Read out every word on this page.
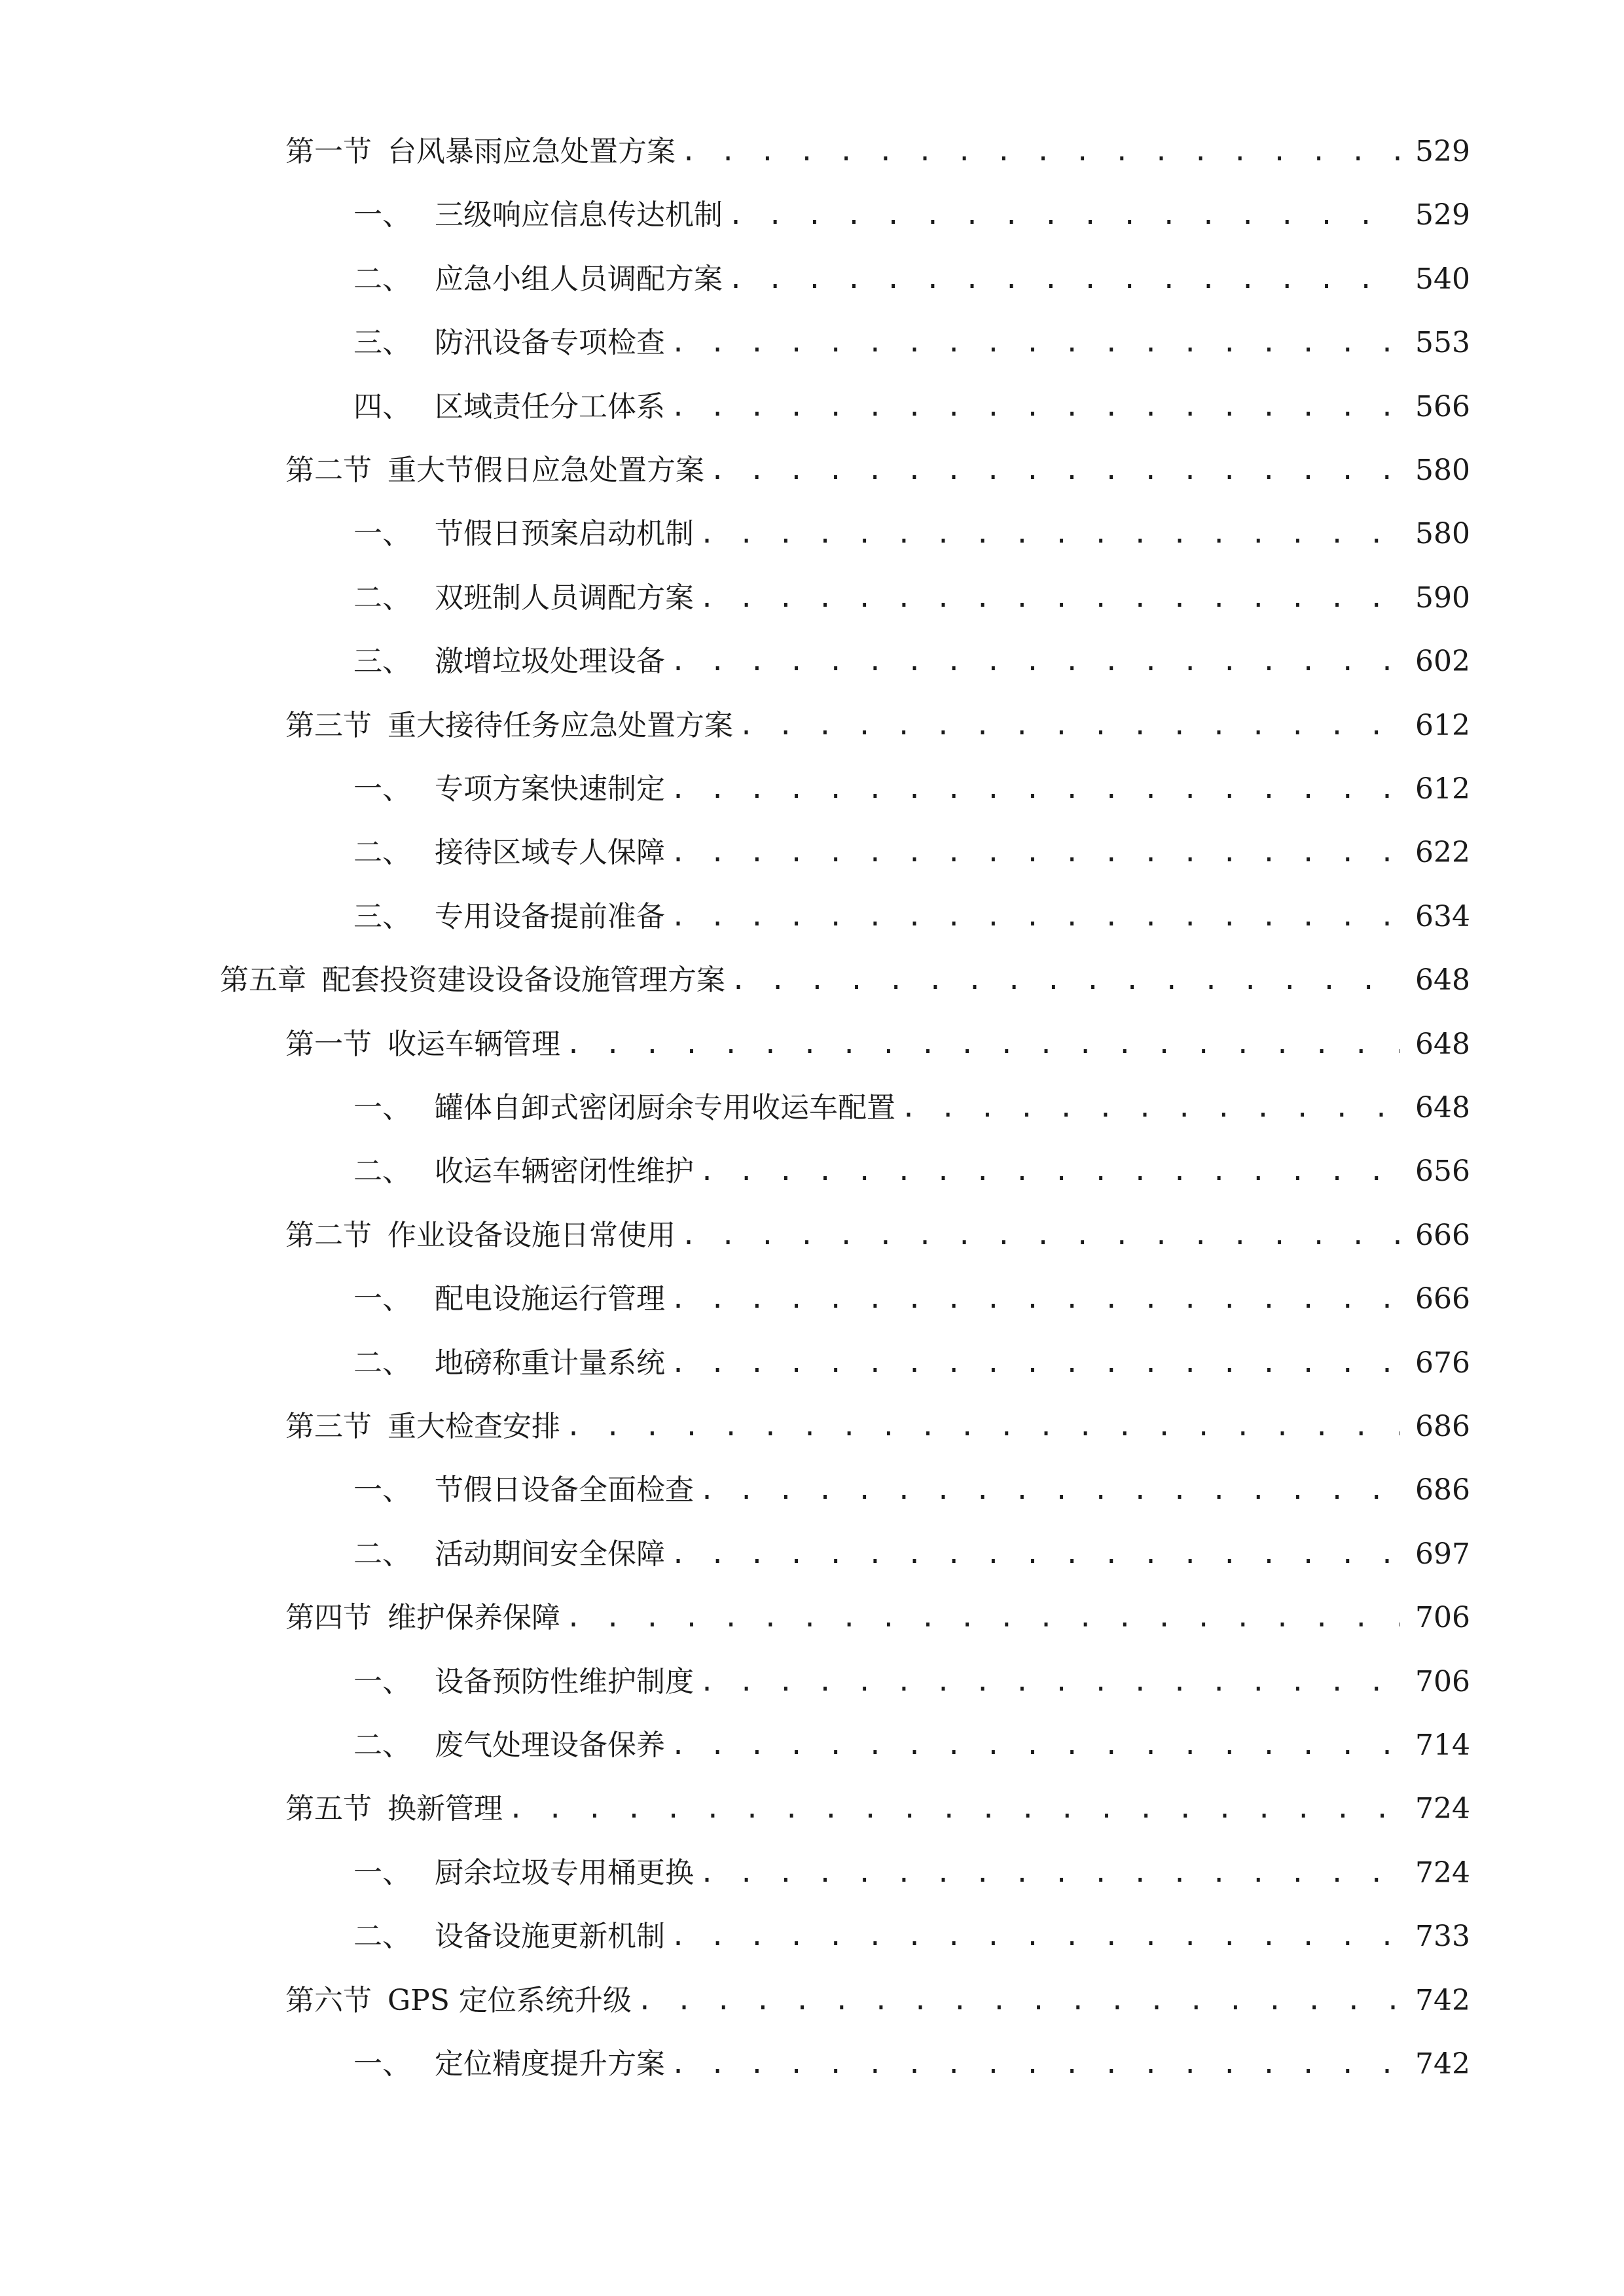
第一节 台风暴雨应急处置方案 . . .	529
一、 三级响应信息传达机制 . . .	529
二、 应急小组人员调配方案 . . .	540
三、 防汛设备专项检查 . . .	553
四、 区域责任分工体系 . . .	566
第二节 重大节假日应急处置方案 . . .	580
一、 节假日预案启动机制 . . .	580
二、 双班制人员调配方案 . . .	590
三、 激增垃圾处理设备 . . .	602
第三节 重大接待任务应急处置方案 . . .	612
一、 专项方案快速制定 . . .	612
二、 接待区域专人保障 . . .	622
三、 专用设备提前准备 . . .	634
第五章 配套投资建设设备设施管理方案 . . .	648
第一节 收运车辆管理 . . .	648
一、 罐体自卸式密闭厨余专用收运车配置 . . .	648
二、 收运车辆密闭性维护 . . .	656
第二节 作业设备设施日常使用 . . .	666
一、 配电设施运行管理 . . .	666
二、 地磅称重计量系统 . . .	676
第三节 重大检查安排 . . .	686
一、 节假日设备全面检查 . . .	686
二、 活动期间安全保障 . . .	697
第四节 维护保养保障 . . .	706
一、 设备预防性维护制度 . . .	706
二、 废气处理设备保养 . . .	714
第五节 换新管理 . . .	724
一、 厨余垃圾专用桶更换 . . .	724
二、 设备设施更新机制 . . .	733
第六节 GPS 定位系统升级 . . .	742
一、 定位精度提升方案 . . .	742
